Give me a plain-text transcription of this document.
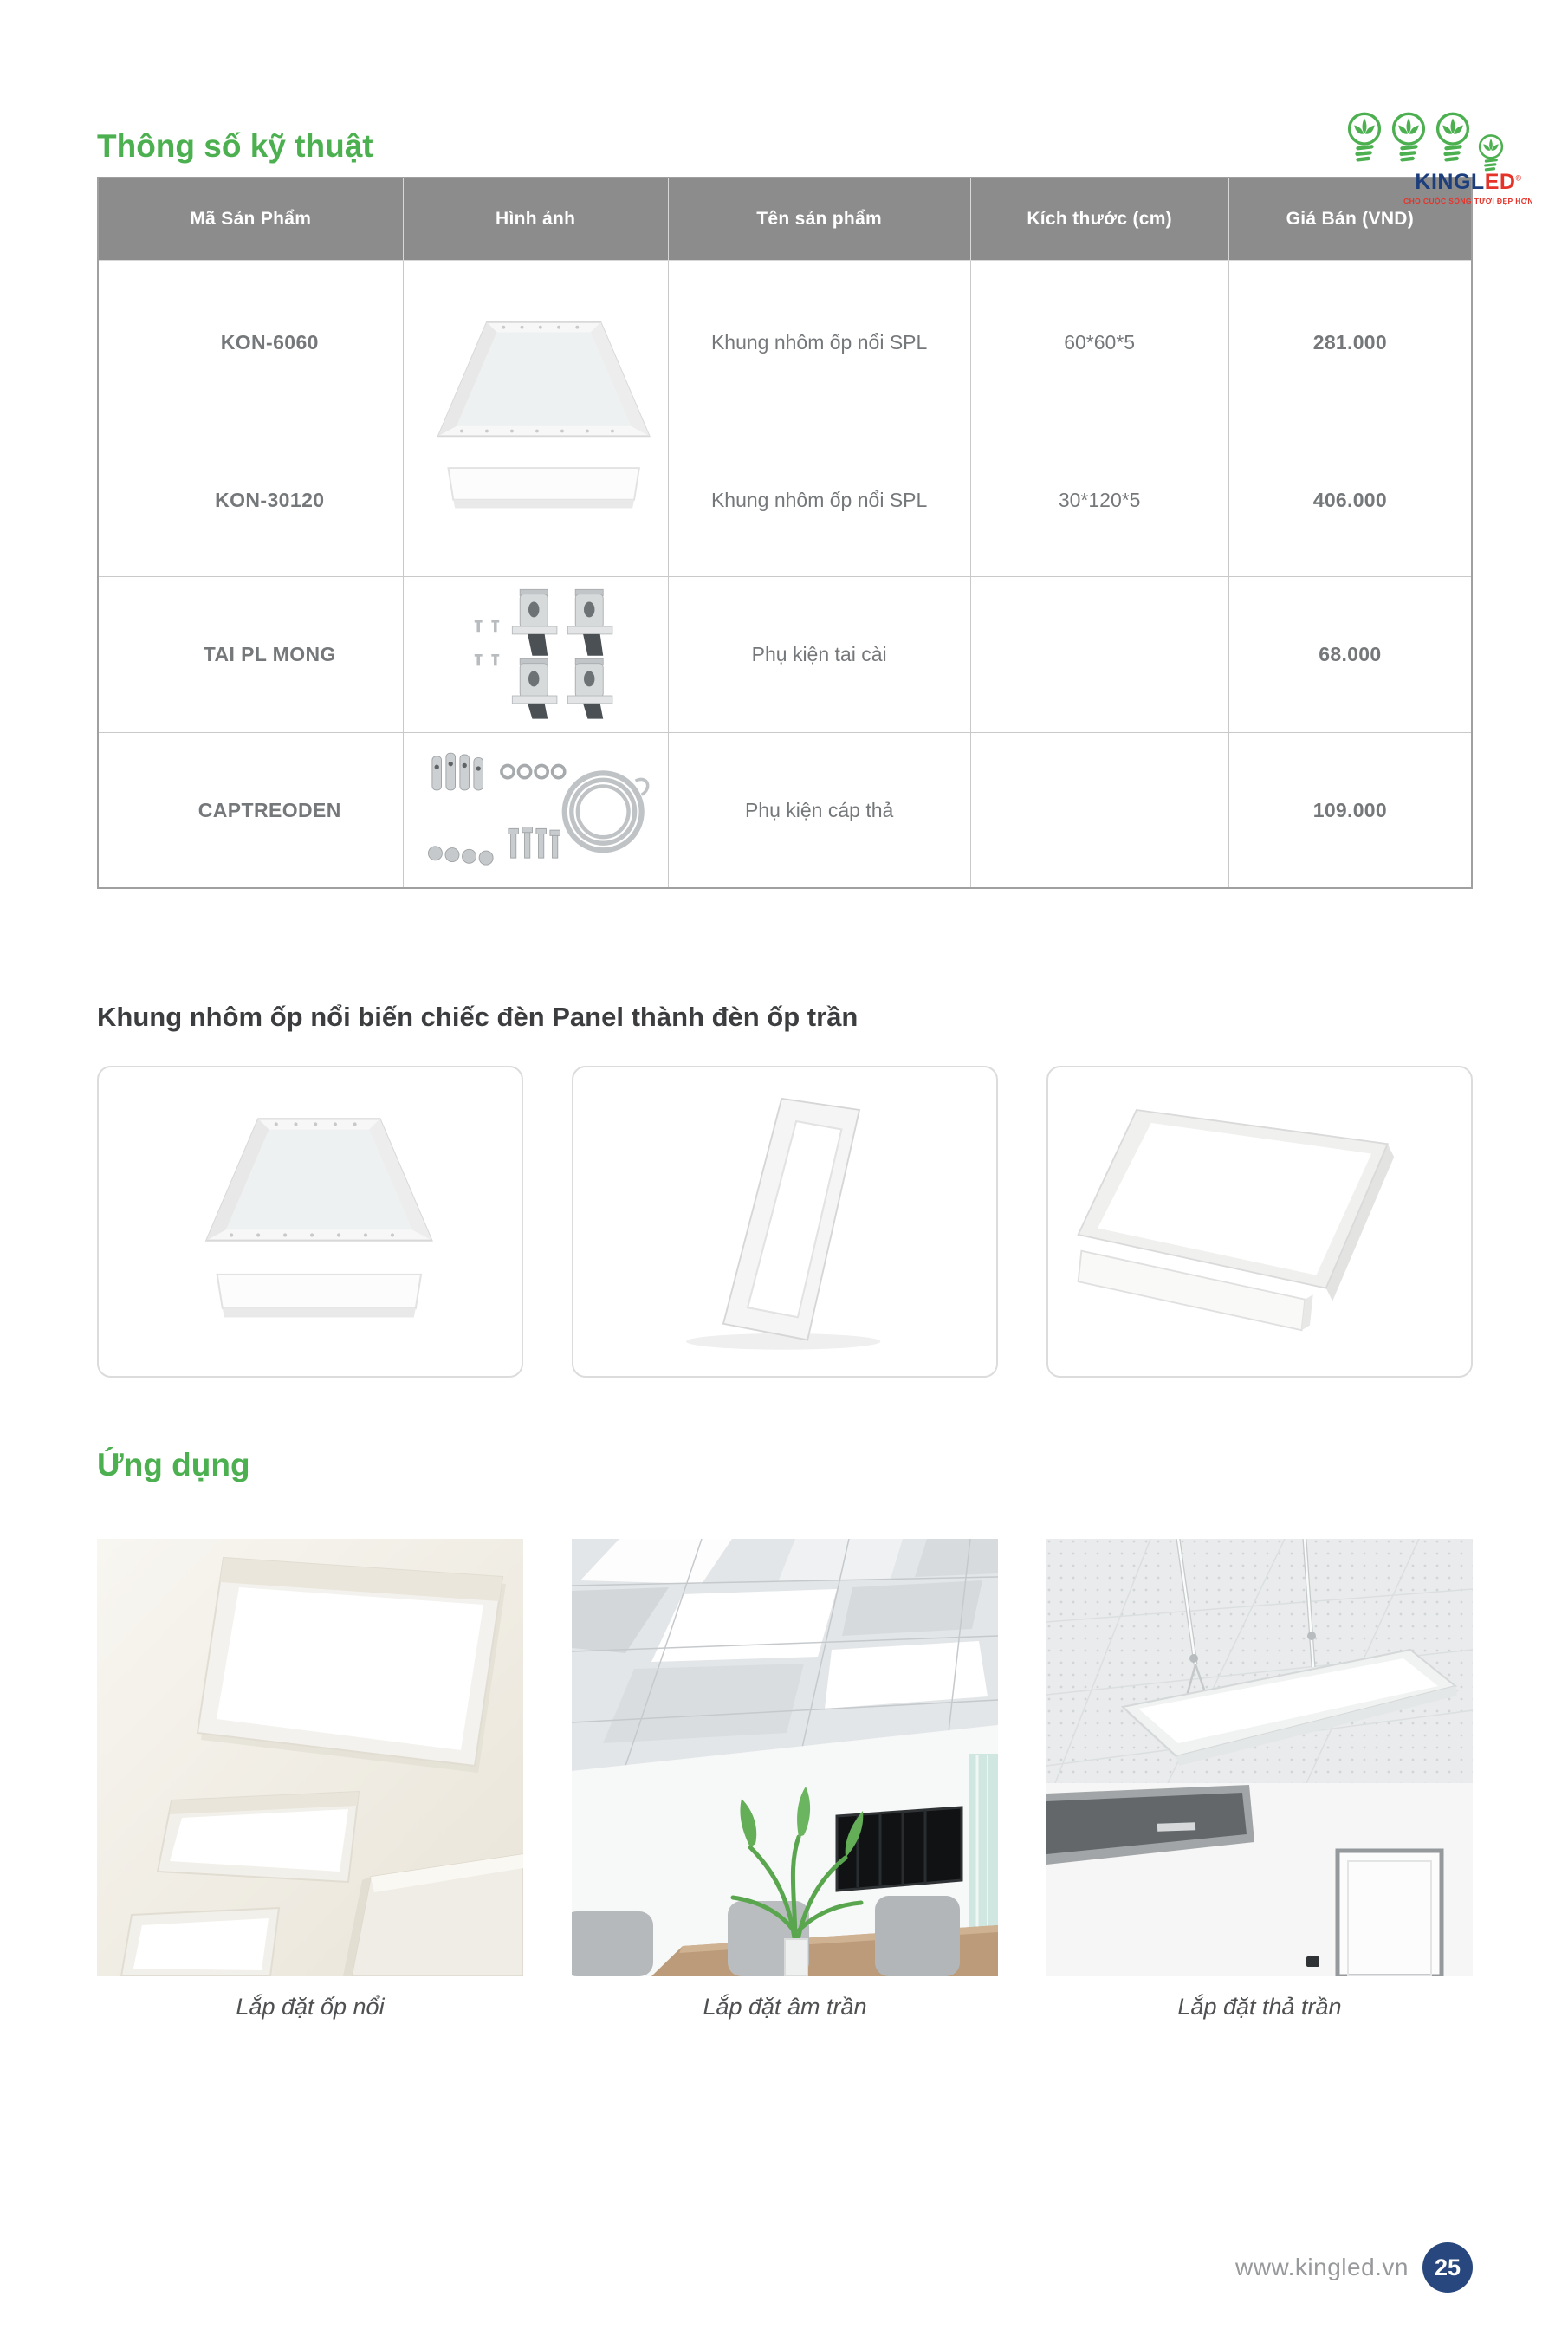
KINGLED®
CHO CUỘC SỐNG TƯƠI ĐẸP HƠN
Thông số kỹ thuật
Mã Sản Phẩm	Hình ảnh	Tên sản phẩm	Kích thước (cm)	Giá Bán (VND)
KON-6060		Khung nhôm ốp nổi SPL	60*60*5	281.000
KON-30120		Khung nhôm ốp nổi SPL	30*120*5	406.000
TAI PL MONG		Phụ kiện tai cài		68.000
CAPTREODEN		Phụ kiện cáp thả		109.000
Khung nhôm ốp nổi biến chiếc đèn Panel thành đèn ốp trần
Ứng dụng
Lắp đặt ốp nổi	Lắp đặt âm trần	Lắp đặt thả trần
www.kingled.vn	25
